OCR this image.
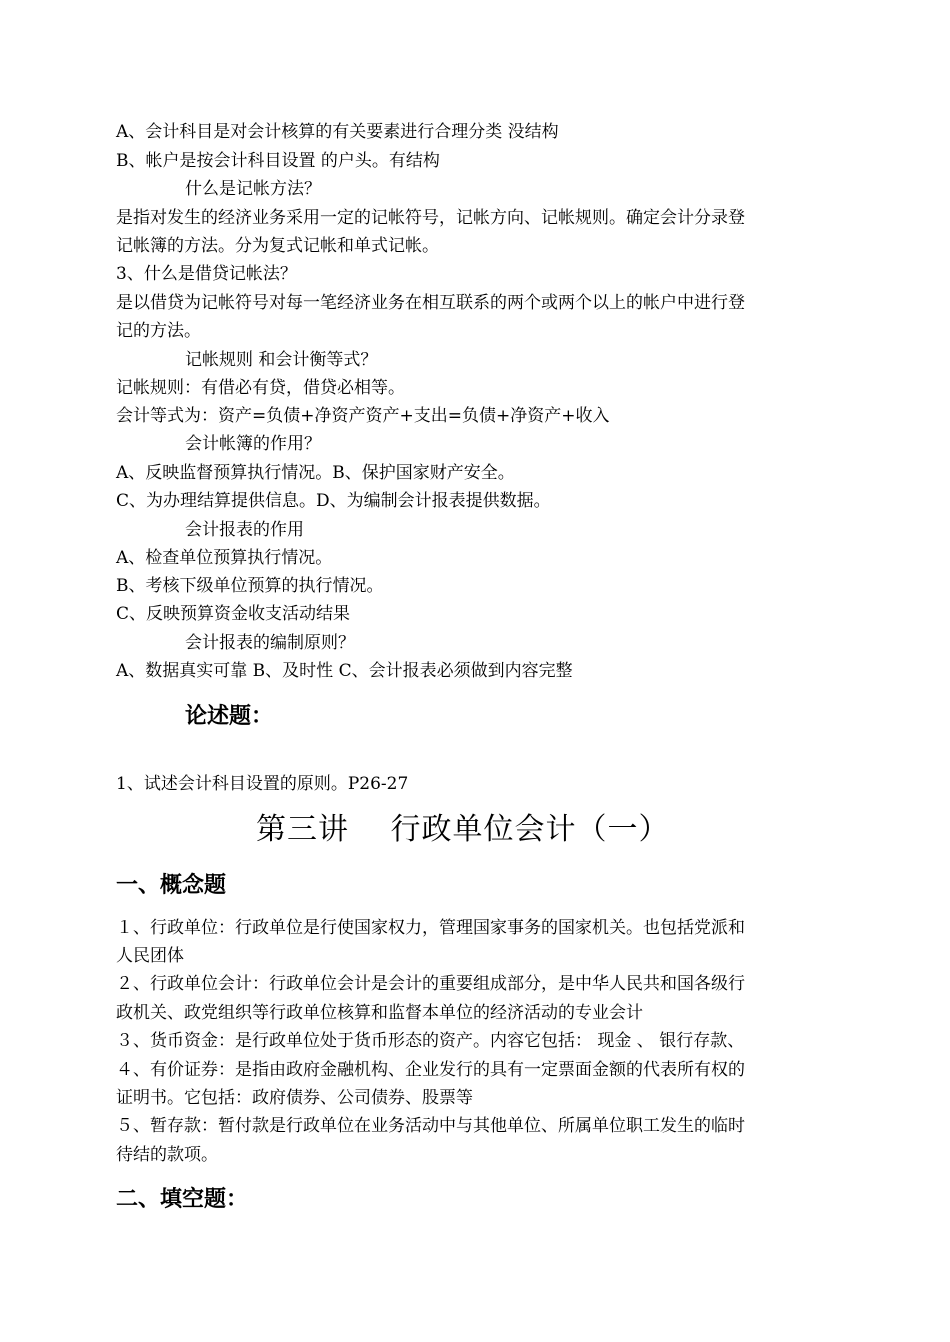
A、会计科目是对会计核算的有关要素进行合理分类 没结构
B、帐户是按会计科目设置 的户头。有结构
什么是记帐方法？
是指对发生的经济业务采用一定的记帐符号，记帐方向、记帐规则。确定会计分录登
记帐簿的方法。分为复式记帐和单式记帐。
3、什么是借贷记帐法？
是以借贷为记帐符号对每一笔经济业务在相互联系的两个或两个以上的帐户中进行登
记的方法。
记帐规则 和会计衡等式？
记帐规则：有借必有贷，借贷必相等。
会计等式为：资产=负债+净资产资产+支出=负债+净资产+收入
会计帐簿的作用？
A、反映监督预算执行情况。B、保护国家财产安全。
C、为办理结算提供信息。D、为编制会计报表提供数据。
会计报表的作用
A、检查单位预算执行情况。
B、考核下级单位预算的执行情况。
C、反映预算资金收支活动结果
会计报表的编制原则？
A、数据真实可靠 B、及时性 C、会计报表必须做到内容完整
论述题：
1、试述会计科目设置的原则。P26-27
第三讲　 行政单位会计（一）
一、概念题
１、行政单位：行政单位是行使国家权力，管理国家事务的国家机关。也包括党派和
人民团体
２、行政单位会计：行政单位会计是会计的重要组成部分，是中华人民共和国各级行
政机关、政党组织等行政单位核算和监督本单位的经济活动的专业会计
３、货币资金：是行政单位处于货币形态的资产。内容它包括： 现金 、 银行存款、
４、有价证券：是指由政府金融机构、企业发行的具有一定票面金额的代表所有权的
证明书。它包括：政府债券、公司债券、股票等
５、暂存款：暂付款是行政单位在业务活动中与其他单位、所属单位职工发生的临时
待结的款项。
二、填空题：
